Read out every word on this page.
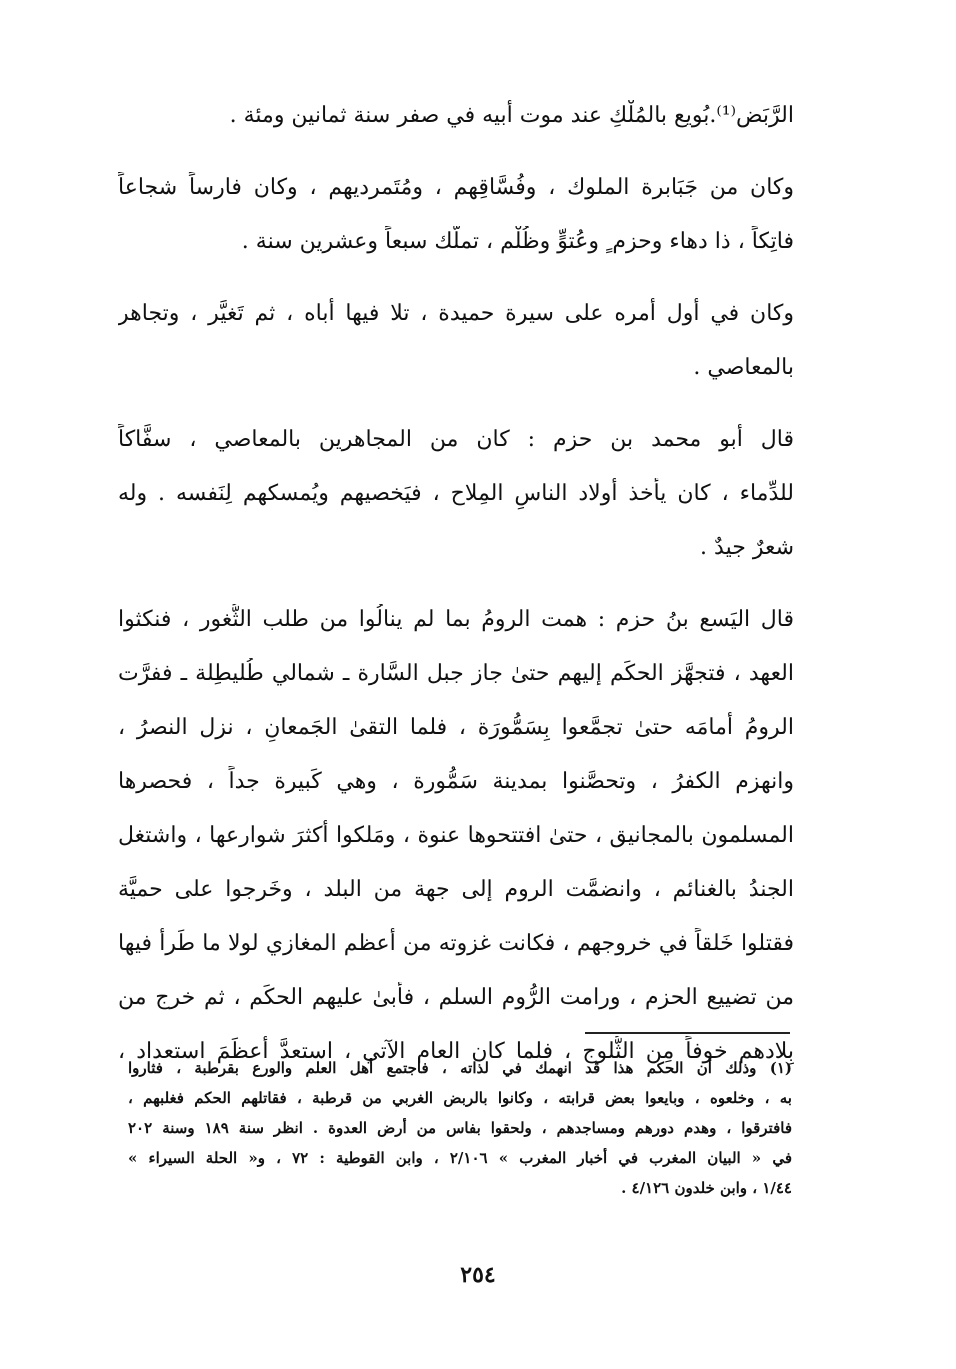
الرَّبَض⁽¹⁾.بُويع بالمُلْكِ عند موت أبيه في صفر سنة ثمانين ومئة .
وكان من جَبَابرة الملوك ، وفُسَّاقِهم ، ومُتَمرديهم ، وكان فارساً شجاعاً
فاتِكاً ، ذا دهاء وحزم ٍ وعُتوٍّ وظُلْم ، تملَّك سبعاً وعشرين سنة .
وكان في أول أمره على سيرة حميدة ، تلا فيها أباه ، ثم تَغيَّر ، وتجاهر
بالمعاصي .
قال أبو محمد بن حزم : كان من المجاهرين بالمعاصي ، سفَّاكاً
للدِّماء ، كان يأخذ أولاد الناسِ المِلاح ، فيَخصيهم ويُمسكهم لِنَفسه . وله
شعرٌ جيدٌ .
قال اليَسع بنُ حزم : همت الرومُ بما لم ينالُوا من طلب الثُّغور ، فنكثوا
العهد ، فتجهَّز الحكَم إليهم حتىٰ جاز جبل السَّارة ـ شمالي طُليطِلة ـ ففرَّت
الرومُ أمامَه حتىٰ تجمَّعوا بِسَمُّورَة ، فلما التقىٰ الجَمعانِ ، نزل النصرُ ،
وانهزم الكفرُ ، وتحصَّنوا بمدينة سَمُّورة ، وهي كَبيرة جداً ، فحصرها
المسلمون بالمجانيق ، حتىٰ افتتحوها عنوة ، ومَلكوا أكثرَ شوارعها ، واشتغل
الجندُ بالغنائم ، وانضمَّت الروم إلى جهة من البلد ، وخَرجوا على حميَّة
فقتلوا خَلقاً في خروجهم ، فكانت غزوته من أعظم المغازي لولا ما طَرأ فيها
من تضييع الحزم ، ورامت الرُّوم السلم ، فأبىٰ عليهم الحكَم ، ثم خرج من
بِلادهم خوفاً مِن الثُّلوج ، فلما كان العام الآتي ، استعدَّ أعظَمَ استعداد ،
(١) وذلك أن الحكم هذا قد انهمك في لذاته ، فاجتمع أهل العلم والورع بقرطبة ، فثاروا
به ، وخلعوه ، وبايعوا بعض قرابته ، وكانوا بالربض الغربي من قرطبة ، فقاتلهم الحكم فغلبهم ،
فافترقوا ، وهدم دورهم ومساجدهم ، ولحقوا بفاس من أرض العدوة . انظر سنة ١٨٩ وسنة ٢٠٢
في « البيان المغرب في أخبار المغرب » ٢/١٠٦ ، وابن القوطية : ٧٢ ، و« الحلة السيراء »
١/٤٤ ، وابن خلدون ٤/١٢٦ .
٢٥٤
